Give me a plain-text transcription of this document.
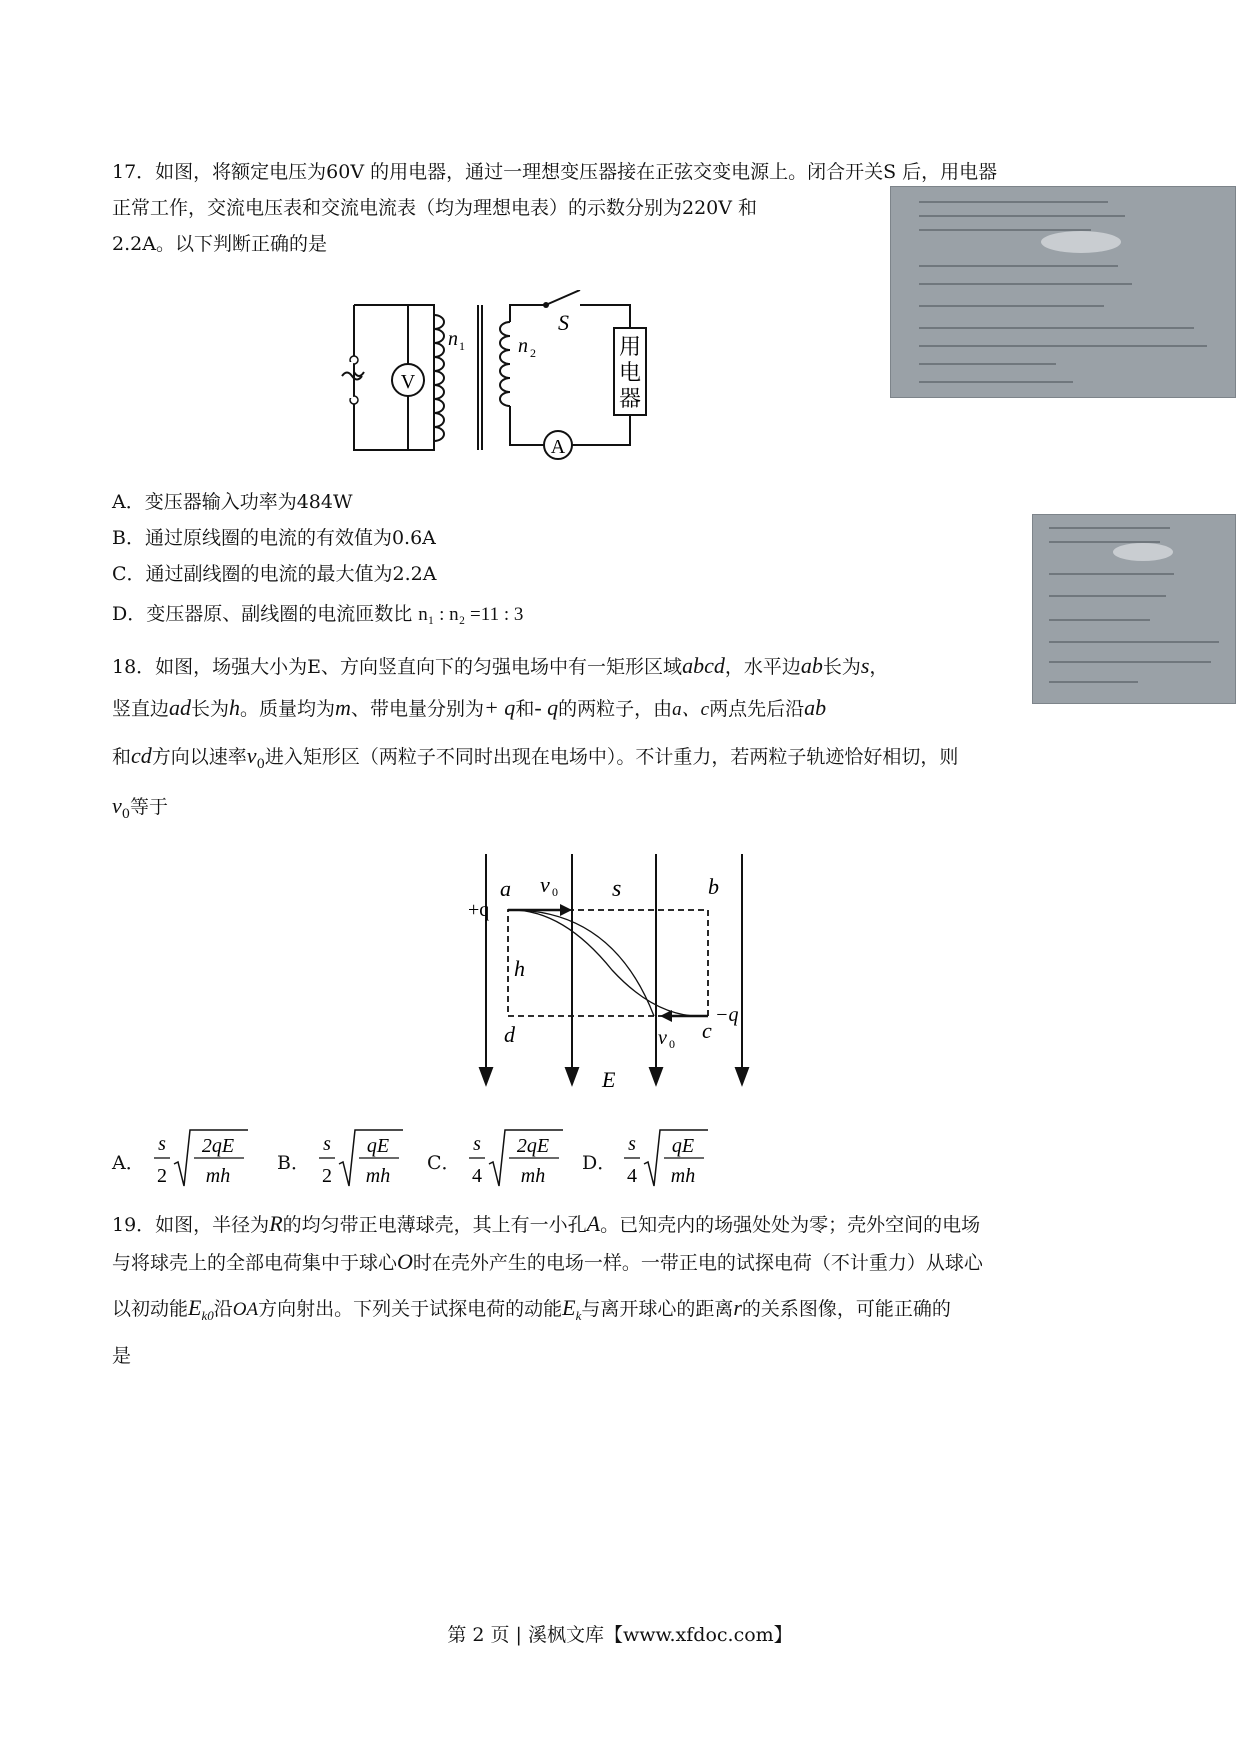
17．如图，将额定电压为60V 的用电器，通过一理想变压器接在正弦交变电源上。闭合开关S 后，用电器
正常工作，交流电压表和交流电流表（均为理想电表）的示数分别为220V 和
2.2A。以下判断正确的是
V
A
n 1	n 2
S
用
电
器
A．变压器输入功率为484W
B．通过原线圈的电流的有效值为0.6A
C．通过副线圈的电流的最大值为2.2A
D．变压器原、副线圈的电流匝数比 n₁ : n₂ =11 : 3
18．如图，场强大小为E、方向竖直向下的匀强电场中有一矩形区域abcd，水平边ab长为s，
竖直边ad长为h。质量均为m、带电量分别为+ q和- q的两粒子，由a、c两点先后沿ab
和cd方向以速率$v_0$进入矩形区（两粒子不同时出现在电场中）。不计重力，若两粒子轨迹恰好相切，则
$v_0$等于
+q
−q
a	b
c
d
s
h
E
v 0
v 0
A．
s
2
2qE
mh
B．
s
2
qE
mh
C．
s
4
2qE
mh
D．
s
4
qE
mh
19．如图，半径为R的均匀带正电薄球壳，其上有一小孔A。已知壳内的场强处处为零；壳外空间的电场
与将球壳上的全部电荷集中于球心O时在壳外产生的电场一样。一带正电的试探电荷（不计重力）从球心
以初动能$E_{k0}$沿OA方向射出。下列关于试探电荷的动能$E_k$与离开球心的距离r的关系图像，可能正确的
是
第 2 页 | 溪枫文库【www.xfdoc.com】
